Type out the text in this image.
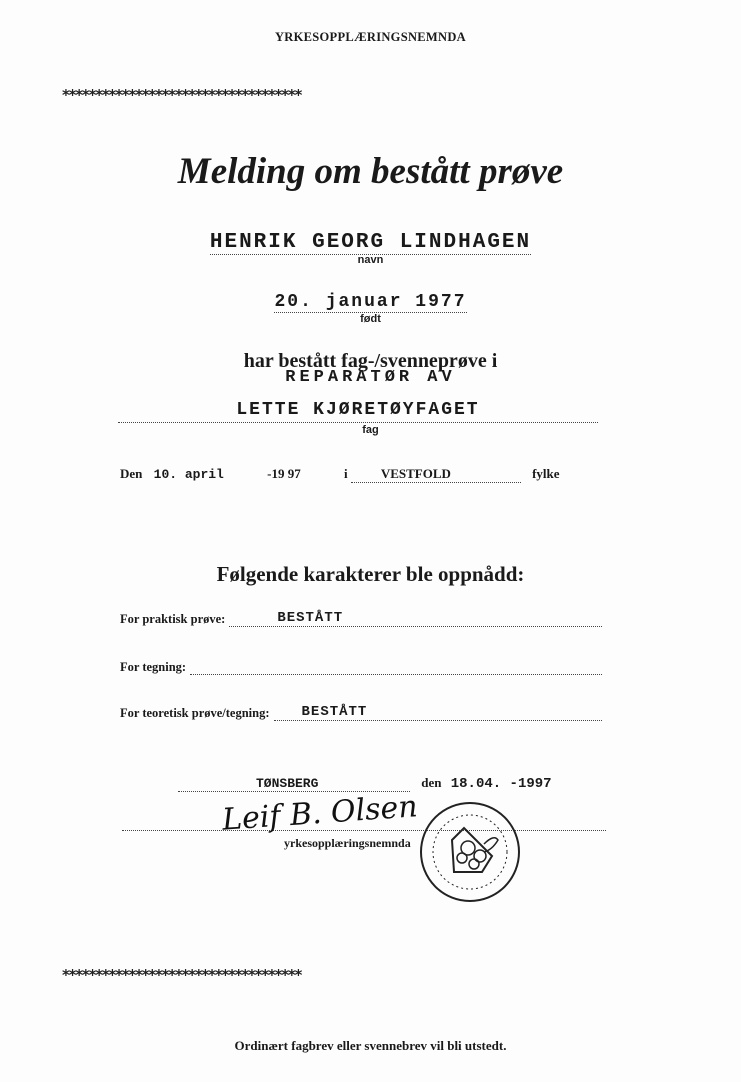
YRKESOPPLÆRINGSNEMNDA
************************************
Melding om bestått prøve
HENRIK GEORG LINDHAGEN
navn
20. januar 1977
født
har bestått fag-/svenneprøve i
REPARATØR AV
LETTE KJØRETØYFAGET
fag
Den 10. april	-19 97	i	VESTFOLD	fylke
Følgende karakterer ble oppnådd:
For praktisk prøve:	BESTÅTT
For tegning:
For teoretisk prøve/tegning: BESTÅTT
TØNSBERG	den 18.04. -1997
Leif B. Olsen
yrkesopplæringsnemnda
************************************
Ordinært fagbrev eller svennebrev vil bli utstedt.
